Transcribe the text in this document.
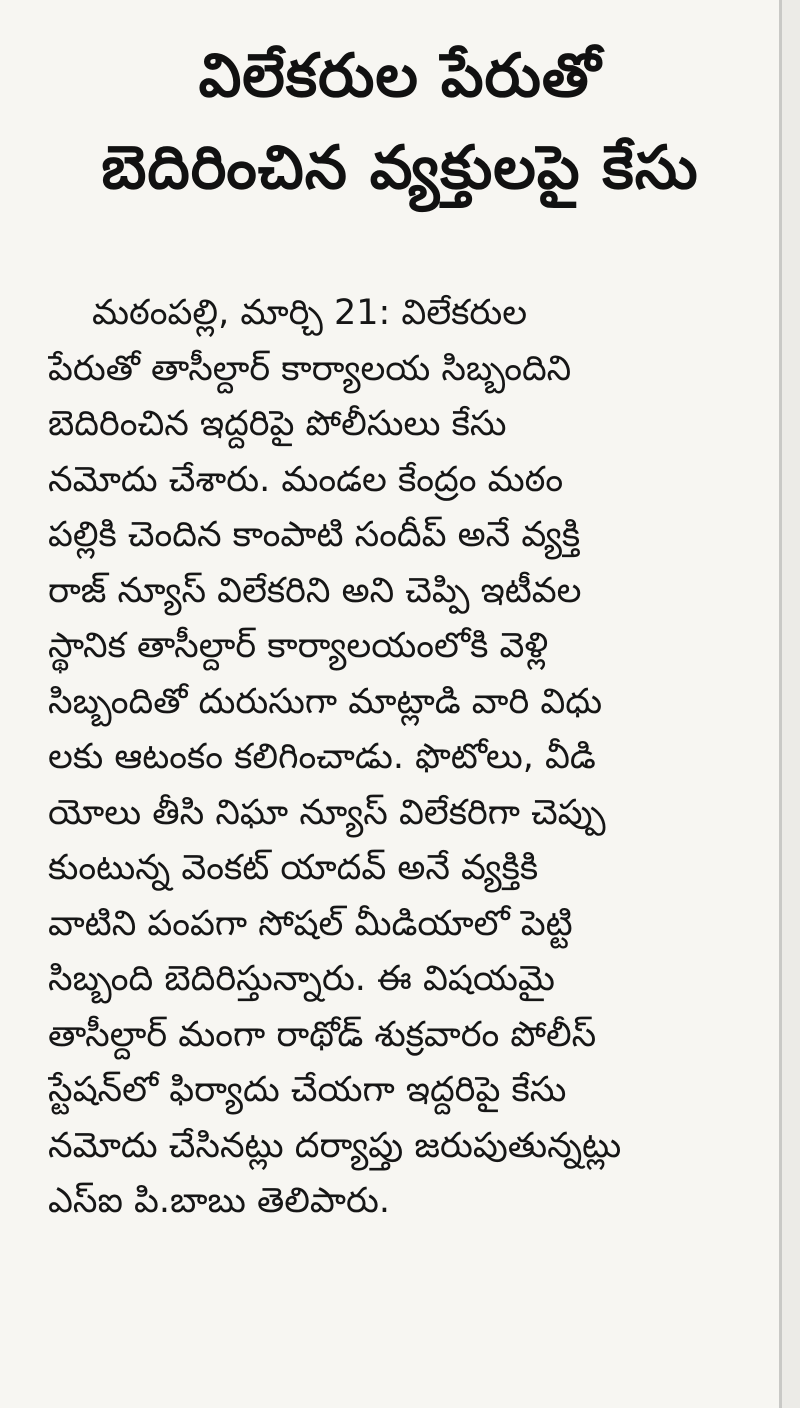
విలేకరుల పేరుతో
బెదిరించిన వ్యక్తులపై కేసు
మఠంపల్లి, మార్చి 21: విలేకరుల
పేరుతో తాసీల్దార్ కార్యాలయ సిబ్బందిని
బెదిరించిన ఇద్దరిపై పోలీసులు కేసు
నమోదు చేశారు. మండల కేంద్రం మఠం
పల్లికి చెందిన కాంపాటి సందీప్ అనే వ్యక్తి
రాజ్ న్యూస్ విలేకరిని అని చెప్పి ఇటీవల
స్థానిక తాసీల్దార్ కార్యాలయంలోకి వెళ్లి
సిబ్బందితో దురుసుగా మాట్లాడి వారి విధు
లకు ఆటంకం కలిగించాడు. ఫొటోలు, వీడి
యోలు తీసి నిఘా న్యూస్ విలేకరిగా చెప్పు
కుంటున్న వెంకట్ యాదవ్ అనే వ్యక్తికి
వాటిని పంపగా సోషల్ మీడియాలో పెట్టి
సిబ్బంది బెదిరిస్తున్నారు. ఈ విషయమై
తాసీల్దార్ మంగా రాథోడ్ శుక్రవారం పోలీస్
స్టేషన్‌లో ఫిర్యాదు చేయగా ఇద్దరిపై కేసు
నమోదు చేసినట్లు దర్యాప్తు జరుపుతున్నట్లు
ఎస్ఐ పి.బాబు తెలిపారు.
